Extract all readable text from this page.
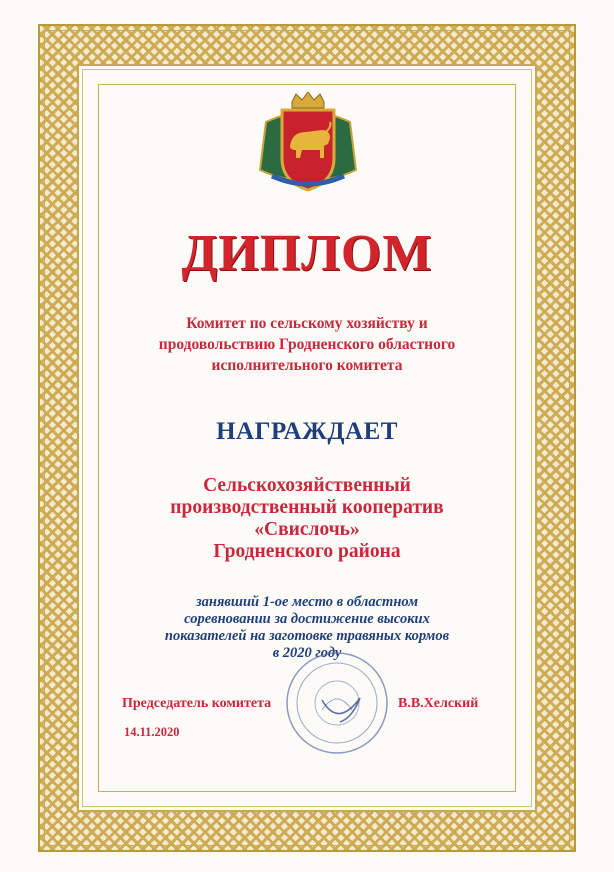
ДИПЛОМ
Комитет по сельскому хозяйству и
продовольствию Гродненского областного
исполнительного комитета
НАГРАЖДАЕТ
Сельскохозяйственный
производственный кооператив
«Свислочь»
Гродненского района
занявший 1-ое место в областном
соревновании за достижение высоких
показателей на заготовке травяных кормов
в 2020 году
Председатель комитета	В.В.Хелский
14.11.2020
